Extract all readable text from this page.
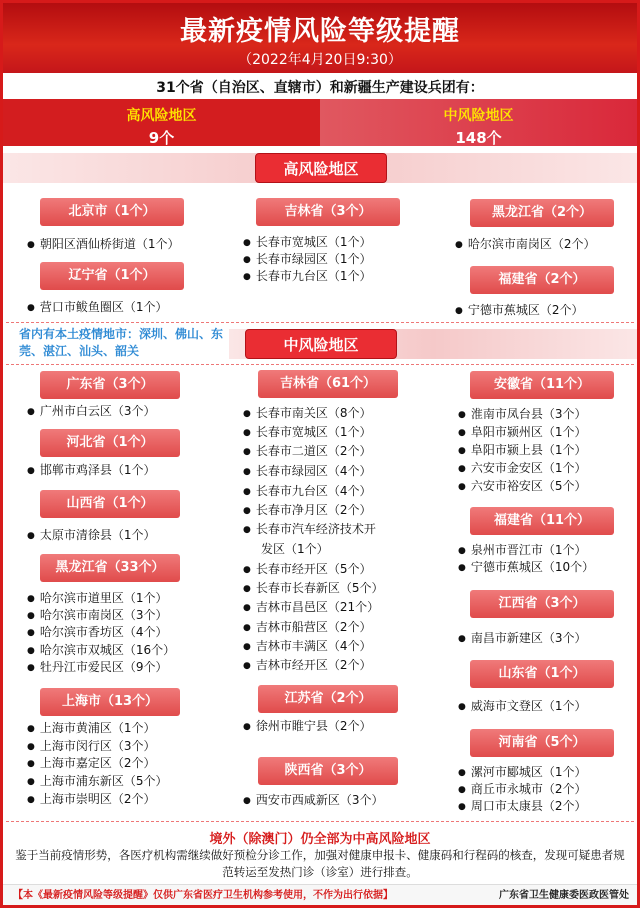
最新疫情风险等级提醒
（2022年4月20日9:30）
31个省（自治区、直辖市）和新疆生产建设兵团有：
高风险地区
9个
中风险地区
148个
高风险地区
北京市（1个）
● 朝阳区酒仙桥街道（1个）
辽宁省（1个）
● 营口市鲅鱼圈区（1个）
吉林省（3个）
● 长春市宽城区（1个）
● 长春市绿园区（1个）
● 长春市九台区（1个）
黑龙江省（2个）
● 哈尔滨市南岗区（2个）
福建省（2个）
● 宁德市蕉城区（2个）
省内有本土疫情地市：深圳、佛山、东莞、湛江、汕头、韶关	中风险地区
广东省（3个）
● 广州市白云区（3个）
河北省（1个）
● 邯郸市鸡泽县（1个）
山西省（1个）
● 太原市清徐县（1个）
黑龙江省（33个）
● 哈尔滨市道里区（1个）
● 哈尔滨市南岗区（3个）
● 哈尔滨市香坊区（4个）
● 哈尔滨市双城区（16个）
● 牡丹江市爱民区（9个）
上海市（13个）
● 上海市黄浦区（1个）
● 上海市闵行区（3个）
● 上海市嘉定区（2个）
● 上海市浦东新区（5个）
● 上海市崇明区（2个）
吉林省（61个）
● 长春市南关区（8个）
● 长春市宽城区（1个）
● 长春市二道区（2个）
● 长春市绿园区（4个）
● 长春市九台区（4个）
● 长春市净月区（2个）
● 长春市汽车经济技术开
发区（1个）
● 长春市经开区（5个）
● 长春市长春新区（5个）
● 吉林市昌邑区（21个）
● 吉林市船营区（2个）
● 吉林市丰满区（4个）
● 吉林市经开区（2个）
江苏省（2个）
● 徐州市睢宁县（2个）
陕西省（3个）
● 西安市西咸新区（3个）
安徽省（11个）
● 淮南市凤台县（3个）
● 阜阳市颍州区（1个）
● 阜阳市颍上县（1个）
● 六安市金安区（1个）
● 六安市裕安区（5个）
福建省（11个）
● 泉州市晋江市（1个）
● 宁德市蕉城区（10个）
江西省（3个）
● 南昌市新建区（3个）
山东省（1个）
● 威海市文登区（1个）
河南省（5个）
● 漯河市郾城区（1个）
● 商丘市永城市（2个）
● 周口市太康县（2个）
境外（除澳门）仍全部为中高风险地区
鉴于当前疫情形势，各医疗机构需继续做好预检分诊工作，加强对健康申报卡、健康码和行程码的核查，发现可疑患者规范转运至发热门诊（诊室）进行排查。
【本《最新疫情风险等级提醒》仅供广东省医疗卫生机构参考使用，不作为出行依据】	广东省卫生健康委医政医管处
